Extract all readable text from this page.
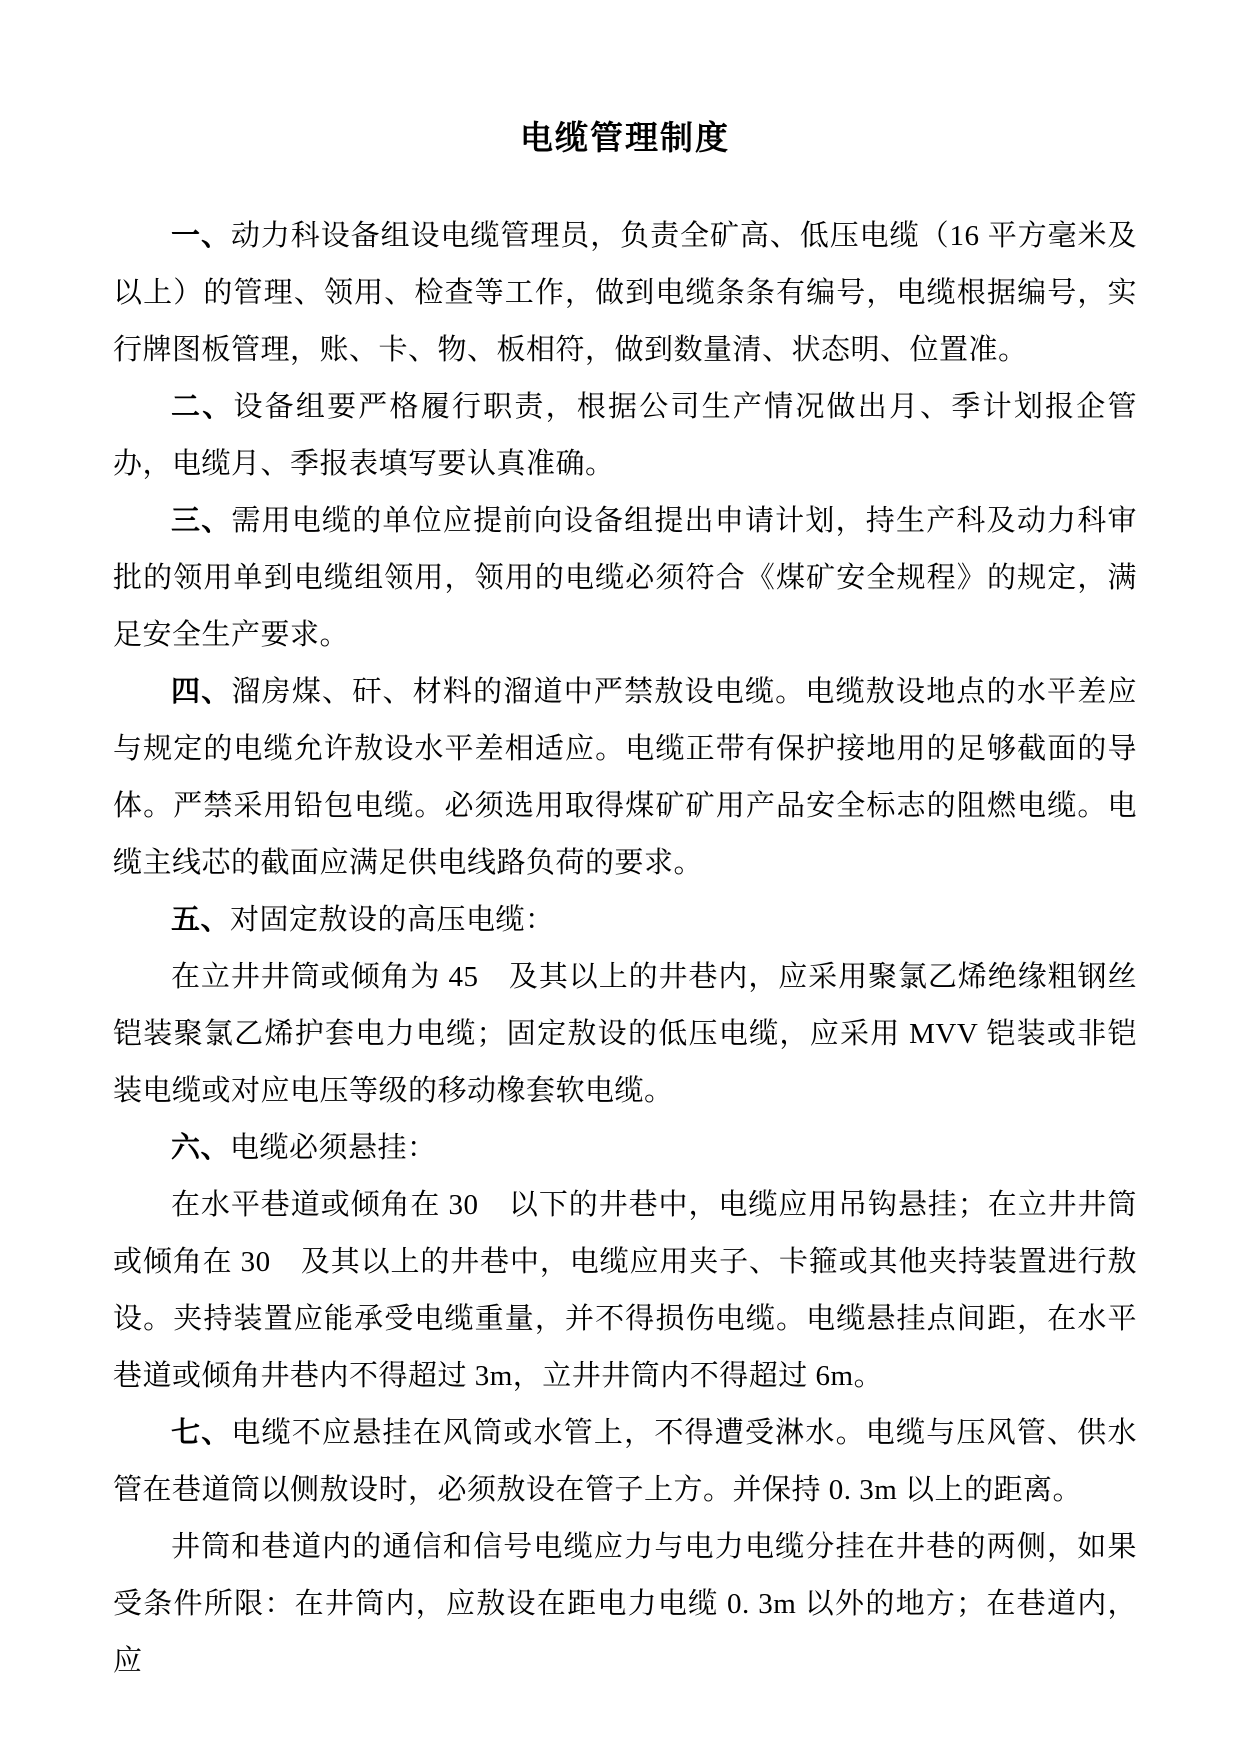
电缆管理制度

一、动力科设备组设电缆管理员，负责全矿高、低压电缆（16 平方毫米及以上）的管理、领用、检查等工作，做到电缆条条有编号，电缆根据编号，实行牌图板管理，账、卡、物、板相符，做到数量清、状态明、位置准。

二、设备组要严格履行职责，根据公司生产情况做出月、季计划报企管办，电缆月、季报表填写要认真准确。

三、需用电缆的单位应提前向设备组提出申请计划，持生产科及动力科审批的领用单到电缆组领用，领用的电缆必须符合《煤矿安全规程》的规定，满足安全生产要求。

四、溜房煤、矸、材料的溜道中严禁敖设电缆。电缆敖设地点的水平差应与规定的电缆允许敖设水平差相适应。电缆正带有保护接地用的足够截面的导体。严禁采用铅包电缆。必须选用取得煤矿矿用产品安全标志的阻燃电缆。电缆主线芯的截面应满足供电线路负荷的要求。

五、对固定敖设的高压电缆：

在立井井筒或倾角为 45　及其以上的井巷内，应采用聚氯乙烯绝缘粗钢丝铠装聚氯乙烯护套电力电缆；固定敖设的低压电缆，应采用 MVV 铠装或非铠装电缆或对应电压等级的移动橡套软电缆。

六、电缆必须悬挂：

在水平巷道或倾角在 30　以下的井巷中，电缆应用吊钩悬挂；在立井井筒或倾角在 30　及其以上的井巷中，电缆应用夹子、卡箍或其他夹持装置进行敖设。夹持装置应能承受电缆重量，并不得损伤电缆。电缆悬挂点间距，在水平巷道或倾角井巷内不得超过 3m，立井井筒内不得超过 6m。

七、电缆不应悬挂在风筒或水管上，不得遭受淋水。电缆与压风管、供水管在巷道筒以侧敖设时，必须敖设在管子上方。并保持 0. 3m 以上的距离。

井筒和巷道内的通信和信号电缆应力与电力电缆分挂在井巷的两侧，如果受条件所限：在井筒内，应敖设在距电力电缆 0. 3m 以外的地方；在巷道内，应
